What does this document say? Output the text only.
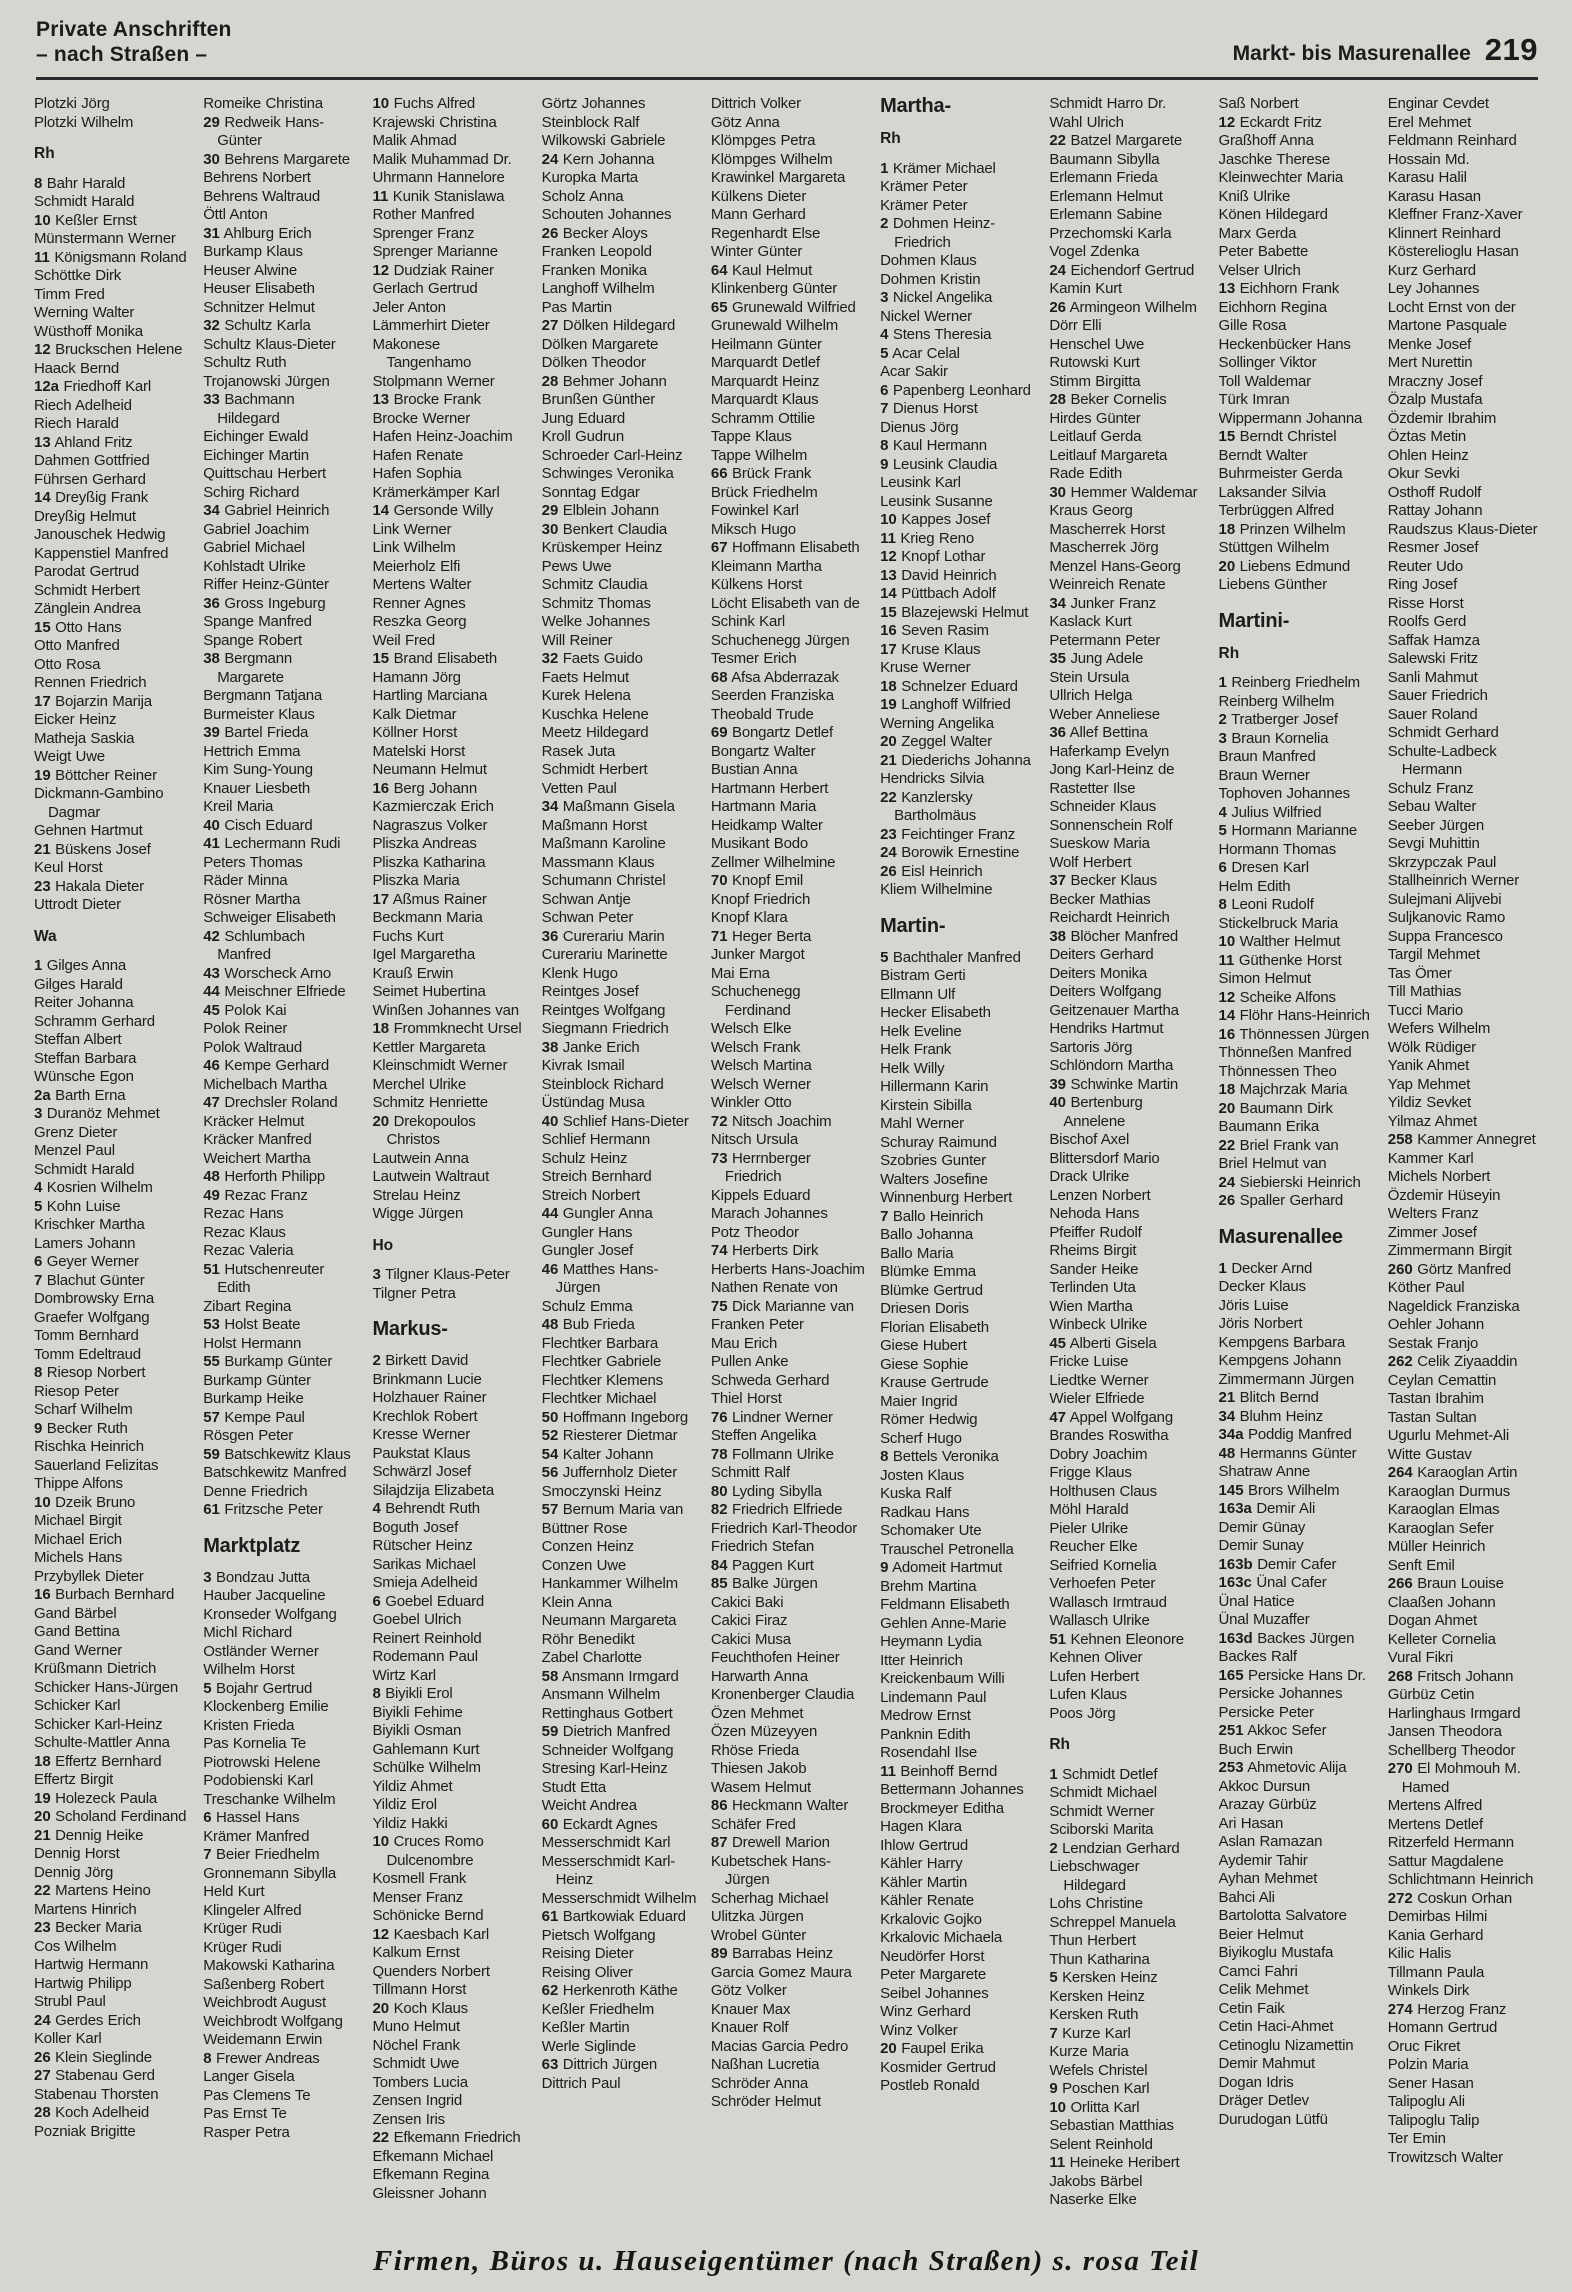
Private Anschriften
– nach Straßen –	Markt- bis Masurenallee 219
Plotzki Jörg
Plotzki Wilhelm
Rh
8 Bahr Harald
Schmidt Harald
10 Keßler Ernst
Münstermann Werner
11 Königsmann Roland
Schöttke Dirk
Timm Fred
Werning Walter
Wüsthoff Monika
12 Bruckschen Helene
Haack Bernd
12a Friedhoff Karl
Riech Adelheid
Riech Harald
13 Ahland Fritz
Dahmen Gottfried
Führsen Gerhard
14 Dreyßig Frank
Dreyßig Helmut
Janouschek Hedwig
Kappenstiel Manfred
Parodat Gertrud
Schmidt Herbert
Zänglein Andrea
15 Otto Hans
Otto Manfred
Otto Rosa
Rennen Friedrich
17 Bojarzin Marija
Eicker Heinz
Matheja Saskia
Weigt Uwe
19 Böttcher Reiner
Dickmann-Gambino Dagmar
Gehnen Hartmut
21 Büskens Josef
Keul Horst
23 Hakala Dieter
Uttrodt Dieter
Wa
1 Gilges Anna
Gilges Harald
Reiter Johanna
Schramm Gerhard
Steffan Albert
Steffan Barbara
Wünsche Egon
2a Barth Erna
3 Duranöz Mehmet
Grenz Dieter
Menzel Paul
Schmidt Harald
4 Kosrien Wilhelm
5 Kohn Luise
Krischker Martha
Lamers Johann
6 Geyer Werner
7 Blachut Günter
Dombrowsky Erna
Graefer Wolfgang
Tomm Bernhard
Tomm Edeltraud
8 Riesop Norbert
Riesop Peter
Scharf Wilhelm
9 Becker Ruth
Rischka Heinrich
Sauerland Felizitas
Thippe Alfons
10 Dzeik Bruno
Michael Birgit
Michael Erich
Michels Hans
Przybyllek Dieter
16 Burbach Bernhard
Gand Bärbel
Gand Bettina
Gand Werner
Krüßmann Dietrich
Schicker Hans-Jürgen
Schicker Karl
Schicker Karl-Heinz
Schulte-Mattler Anna
18 Effertz Bernhard
Effertz Birgit
19 Holezeck Paula
20 Scholand Ferdinand
21 Dennig Heike
Dennig Horst
Dennig Jörg
22 Martens Heino
Martens Hinrich
23 Becker Maria
Cos Wilhelm
Hartwig Hermann
Hartwig Philipp
Strubl Paul
24 Gerdes Erich
Koller Karl
26 Klein Sieglinde
27 Stabenau Gerd
Stabenau Thorsten
28 Koch Adelheid
Pozniak Brigitte
Romeike Christina
29 Redweik Hans-Günter
30 Behrens Margarete
Behrens Norbert
Behrens Waltraud
Öttl Anton
31 Ahlburg Erich
Burkamp Klaus
Heuser Alwine
Heuser Elisabeth
Schnitzer Helmut
32 Schultz Karla
Schultz Klaus-Dieter
Schultz Ruth
Trojanowski Jürgen
33 Bachmann Hildegard
Eichinger Ewald
Eichinger Martin
Quittschau Herbert
Schirg Richard
34 Gabriel Heinrich
Gabriel Joachim
Gabriel Michael
Kohlstadt Ulrike
Riffer Heinz-Günter
36 Gross Ingeburg
Spange Manfred
Spange Robert
38 Bergmann Margarete
Bergmann Tatjana
Burmeister Klaus
39 Bartel Frieda
Hettrich Emma
Kim Sung-Young
Knauer Liesbeth
Kreil Maria
40 Cisch Eduard
41 Lechermann Rudi
Peters Thomas
Räder Minna
Rösner Martha
Schweiger Elisabeth
42 Schlumbach Manfred
43 Worscheck Arno
44 Meischner Elfriede
45 Polok Kai
Polok Reiner
Polok Waltraud
46 Kempe Gerhard
Michelbach Martha
47 Drechsler Roland
Kräcker Helmut
Kräcker Manfred
Weichert Martha
48 Herforth Philipp
49 Rezac Franz
Rezac Hans
Rezac Klaus
Rezac Valeria
51 Hutschenreuter Edith
Zibart Regina
53 Holst Beate
Holst Hermann
55 Burkamp Günter
Burkamp Günter
Burkamp Heike
57 Kempe Paul
Rösgen Peter
59 Batschkewitz Klaus
Batschkewitz Manfred
Denne Friedrich
61 Fritzsche Peter
Marktplatz
3 Bondzau Jutta
Hauber Jacqueline
Kronseder Wolfgang
Michl Richard
Ostländer Werner
Wilhelm Horst
5 Bojahr Gertrud
Klockenberg Emilie
Kristen Frieda
Pas Kornelia Te
Piotrowski Helene
Podobienski Karl
Treschanke Wilhelm
6 Hassel Hans
Krämer Manfred
7 Beier Friedhelm
Gronnemann Sibylla
Held Kurt
Klingeler Alfred
Krüger Rudi
Krüger Rudi
Makowski Katharina
Saßenberg Robert
Weichbrodt August
Weichbrodt Wolfgang
Weidemann Erwin
8 Frewer Andreas
Langer Gisela
Pas Clemens Te
Pas Ernst Te
Rasper Petra
10 Fuchs Alfred
Krajewski Christina
Malik Ahmad
Malik Muhammad Dr.
Uhrmann Hannelore
11 Kunik Stanislawa
Rother Manfred
Sprenger Franz
Sprenger Marianne
12 Dudziak Rainer
Gerlach Gertrud
Jeler Anton
Lämmerhirt Dieter
Makonese Tangenhamo
Stolpmann Werner
13 Brocke Frank
Brocke Werner
Hafen Heinz-Joachim
Hafen Renate
Hafen Sophia
Krämerkämper Karl
14 Gersonde Willy
Link Werner
Link Wilhelm
Meierholz Elfi
Mertens Walter
Renner Agnes
Reszka Georg
Weil Fred
15 Brand Elisabeth
Hamann Jörg
Hartling Marciana
Kalk Dietmar
Köllner Horst
Matelski Horst
Neumann Helmut
16 Berg Johann
Kazmierczak Erich
Nagraszus Volker
Pliszka Andreas
Pliszka Katharina
Pliszka Maria
17 Aßmus Rainer
Beckmann Maria
Fuchs Kurt
Igel Margaretha
Krauß Erwin
Seimet Hubertina
Winßen Johannes van
18 Frommknecht Ursel
Kettler Margareta
Kleinschmidt Werner
Merchel Ulrike
Schmitz Henriette
20 Drekopoulos Christos
Lautwein Anna
Lautwein Waltraut
Strelau Heinz
Wigge Jürgen
Ho
3 Tilgner Klaus-Peter
Tilgner Petra
Markus-
2 Birkett David
Brinkmann Lucie
Holzhauer Rainer
Krechlok Robert
Kresse Werner
Paukstat Klaus
Schwärzl Josef
Silajdzija Elizabeta
4 Behrendt Ruth
Boguth Josef
Rütscher Heinz
Sarikas Michael
Smieja Adelheid
6 Goebel Eduard
Goebel Ulrich
Reinert Reinhold
Rodemann Paul
Wirtz Karl
8 Biyikli Erol
Biyikli Fehime
Biyikli Osman
Gahlemann Kurt
Schülke Wilhelm
Yildiz Ahmet
Yildiz Erol
Yildiz Hakki
10 Cruces Romo Dulcenombre
Kosmell Frank
Menser Franz
Schönicke Bernd
12 Kaesbach Karl
Kalkum Ernst
Quenders Norbert
Tillmann Horst
20 Koch Klaus
Muno Helmut
Nöchel Frank
Schmidt Uwe
Tombers Lucia
Zensen Ingrid
Zensen Iris
22 Efkemann Friedrich
Efkemann Michael
Efkemann Regina
Gleissner Johann
Görtz Johannes
Steinblock Ralf
Wilkowski Gabriele
24 Kern Johanna
Kuropka Marta
Scholz Anna
Schouten Johannes
26 Becker Aloys
Franken Leopold
Franken Monika
Langhoff Wilhelm
Pas Martin
27 Dölken Hildegard
Dölken Margarete
Dölken Theodor
28 Behmer Johann
Brunßen Günther
Jung Eduard
Kroll Gudrun
Schroeder Carl-Heinz
Schwinges Veronika
Sonntag Edgar
29 Elblein Johann
30 Benkert Claudia
Krüskemper Heinz
Pews Uwe
Schmitz Claudia
Schmitz Thomas
Welke Johannes
Will Reiner
32 Faets Guido
Faets Helmut
Kurek Helena
Kuschka Helene
Meetz Hildegard
Rasek Juta
Schmidt Herbert
Vetten Paul
34 Maßmann Gisela
Maßmann Horst
Maßmann Karoline
Massmann Klaus
Schumann Christel
Schwan Antje
Schwan Peter
36 Curerariu Marin
Curerariu Marinette
Klenk Hugo
Reintges Josef
Reintges Wolfgang
Siegmann Friedrich
38 Janke Erich
Kivrak Ismail
Steinblock Richard
Üstündag Musa
40 Schlief Hans-Dieter
Schlief Hermann
Schulz Heinz
Streich Bernhard
Streich Norbert
44 Gungler Anna
Gungler Hans
Gungler Josef
46 Matthes Hans-Jürgen
Schulz Emma
48 Bub Frieda
Flechtker Barbara
Flechtker Gabriele
Flechtker Klemens
Flechtker Michael
50 Hoffmann Ingeborg
52 Riesterer Dietmar
54 Kalter Johann
56 Juffernholz Dieter
Smoczynski Heinz
57 Bernum Maria van
Büttner Rose
Conzen Heinz
Conzen Uwe
Hankammer Wilhelm
Klein Anna
Neumann Margareta
Röhr Benedikt
Zabel Charlotte
58 Ansmann Irmgard
Ansmann Wilhelm
Rettinghaus Gotbert
59 Dietrich Manfred
Schneider Wolfgang
Stresing Karl-Heinz
Studt Etta
Weicht Andrea
60 Eckardt Agnes
Messerschmidt Karl
Messerschmidt Karl-Heinz
Messerschmidt Wilhelm
61 Bartkowiak Eduard
Pietsch Wolfgang
Reising Dieter
Reising Oliver
62 Herkenroth Käthe
Keßler Friedhelm
Keßler Martin
Werle Siglinde
63 Dittrich Jürgen
Dittrich Paul
Dittrich Volker
Götz Anna
Klömpges Petra
Klömpges Wilhelm
Krawinkel Margareta
Külkens Dieter
Mann Gerhard
Regenhardt Else
Winter Günter
64 Kaul Helmut
Klinkenberg Günter
65 Grunewald Wilfried
Grunewald Wilhelm
Heilmann Günter
Marquardt Detlef
Marquardt Heinz
Marquardt Klaus
Schramm Ottilie
Tappe Klaus
Tappe Wilhelm
66 Brück Frank
Brück Friedhelm
Fowinkel Karl
Miksch Hugo
67 Hoffmann Elisabeth
Kleimann Martha
Külkens Horst
Löcht Elisabeth van de
Schink Karl
Schuchenegg Jürgen
Tesmer Erich
68 Afsa Abderrazak
Seerden Franziska
Theobald Trude
69 Bongartz Detlef
Bongartz Walter
Bustian Anna
Hartmann Herbert
Hartmann Maria
Heidkamp Walter
Musikant Bodo
Zellmer Wilhelmine
70 Knopf Emil
Knopf Friedrich
Knopf Klara
71 Heger Berta
Junker Margot
Mai Erna
Schuchenegg Ferdinand
Welsch Elke
Welsch Frank
Welsch Martina
Welsch Werner
Winkler Otto
72 Nitsch Joachim
Nitsch Ursula
73 Herrnberger Friedrich
Kippels Eduard
Marach Johannes
Potz Theodor
74 Herberts Dirk
Herberts Hans-Joachim
Nathen Renate von
75 Dick Marianne van
Franken Peter
Mau Erich
Pullen Anke
Schweda Gerhard
Thiel Horst
76 Lindner Werner
Steffen Angelika
78 Follmann Ulrike
Schmitt Ralf
80 Lyding Sibylla
82 Friedrich Elfriede
Friedrich Karl-Theodor
Friedrich Stefan
84 Paggen Kurt
85 Balke Jürgen
Cakici Baki
Cakici Firaz
Cakici Musa
Feuchthofen Heiner
Harwarth Anna
Kronenberger Claudia
Özen Mehmet
Özen Müzeyyen
Rhöse Frieda
Thiesen Jakob
Wasem Helmut
86 Heckmann Walter
Schäfer Fred
87 Drewell Marion
Kubetschek Hans-Jürgen
Scherhag Michael
Ulitzka Jürgen
Wrobel Günter
89 Barrabas Heinz
Garcia Gomez Maura
Götz Volker
Knauer Max
Knauer Rolf
Macias Garcia Pedro
Naßhan Lucretia
Schröder Anna
Schröder Helmut
Martha-
Rh
1 Krämer Michael
Krämer Peter
Krämer Peter
2 Dohmen Heinz-Friedrich
Dohmen Klaus
Dohmen Kristin
3 Nickel Angelika
Nickel Werner
4 Stens Theresia
5 Acar Celal
Acar Sakir
6 Papenberg Leonhard
7 Dienus Horst
Dienus Jörg
8 Kaul Hermann
9 Leusink Claudia
Leusink Karl
Leusink Susanne
10 Kappes Josef
11 Krieg Reno
12 Knopf Lothar
13 David Heinrich
14 Püttbach Adolf
15 Blazejewski Helmut
16 Seven Rasim
17 Kruse Klaus
Kruse Werner
18 Schnelzer Eduard
19 Langhoff Wilfried
Werning Angelika
20 Zeggel Walter
21 Diederichs Johanna
Hendricks Silvia
22 Kanzlersky Bartholmäus
23 Feichtinger Franz
24 Borowik Ernestine
26 Eisl Heinrich
Kliem Wilhelmine
Martin-
5 Bachthaler Manfred
Bistram Gerti
Ellmann Ulf
Hecker Elisabeth
Helk Eveline
Helk Frank
Helk Willy
Hillermann Karin
Kirstein Sibilla
Mahl Werner
Schuray Raimund
Szobries Gunter
Walters Josefine
Winnenburg Herbert
7 Ballo Heinrich
Ballo Johanna
Ballo Maria
Blümke Emma
Blümke Gertrud
Driesen Doris
Florian Elisabeth
Giese Hubert
Giese Sophie
Krause Gertrude
Maier Ingrid
Römer Hedwig
Scherf Hugo
8 Bettels Veronika
Josten Klaus
Kuska Ralf
Radkau Hans
Schomaker Ute
Trauschel Petronella
9 Adomeit Hartmut
Brehm Martina
Feldmann Elisabeth
Gehlen Anne-Marie
Heymann Lydia
Itter Heinrich
Kreickenbaum Willi
Lindemann Paul
Medrow Ernst
Panknin Edith
Rosendahl Ilse
11 Beinhoff Bernd
Bettermann Johannes
Brockmeyer Editha
Hagen Klara
Ihlow Gertrud
Kähler Harry
Kähler Martin
Kähler Renate
Krkalovic Gojko
Krkalovic Michaela
Neudörfer Horst
Peter Margarete
Seibel Johannes
Winz Gerhard
Winz Volker
20 Faupel Erika
Kosmider Gertrud
Postleb Ronald
Schmidt Harro Dr.
Wahl Ulrich
22 Batzel Margarete
Baumann Sibylla
Erlemann Frieda
Erlemann Helmut
Erlemann Sabine
Przechomski Karla
Vogel Zdenka
24 Eichendorf Gertrud
Kamin Kurt
26 Armingeon Wilhelm
Dörr Elli
Henschel Uwe
Rutowski Kurt
Stimm Birgitta
28 Beker Cornelis
Hirdes Günter
Leitlauf Gerda
Leitlauf Margareta
Rade Edith
30 Hemmer Waldemar
Kraus Georg
Mascherrek Horst
Mascherrek Jörg
Menzel Hans-Georg
Weinreich Renate
34 Junker Franz
Kaslack Kurt
Petermann Peter
35 Jung Adele
Stein Ursula
Ullrich Helga
Weber Anneliese
36 Allef Bettina
Haferkamp Evelyn
Jong Karl-Heinz de
Rastetter Ilse
Schneider Klaus
Sonnenschein Rolf
Sueskow Maria
Wolf Herbert
37 Becker Klaus
Becker Mathias
Reichardt Heinrich
38 Blöcher Manfred
Deiters Gerhard
Deiters Monika
Deiters Wolfgang
Geitzenauer Martha
Hendriks Hartmut
Sartoris Jörg
Schlöndorn Martha
39 Schwinke Martin
40 Bertenburg Annelene
Bischof Axel
Blittersdorf Mario
Drack Ulrike
Lenzen Norbert
Nehoda Hans
Pfeiffer Rudolf
Rheims Birgit
Sander Heike
Terlinden Uta
Wien Martha
Winbeck Ulrike
45 Alberti Gisela
Fricke Luise
Liedtke Werner
Wieler Elfriede
47 Appel Wolfgang
Brandes Roswitha
Dobry Joachim
Frigge Klaus
Holthusen Claus
Möhl Harald
Pieler Ulrike
Reucher Elke
Seifried Kornelia
Verhoefen Peter
Wallasch Irmtraud
Wallasch Ulrike
51 Kehnen Eleonore
Kehnen Oliver
Lufen Herbert
Lufen Klaus
Poos Jörg
Rh
1 Schmidt Detlef
Schmidt Michael
Schmidt Werner
Sciborski Marita
2 Lendzian Gerhard
Liebschwager Hildegard
Lohs Christine
Schreppel Manuela
Thun Herbert
Thun Katharina
5 Kersken Heinz
Kersken Heinz
Kersken Ruth
7 Kurze Karl
Kurze Maria
Wefels Christel
9 Poschen Karl
10 Orlitta Karl
Sebastian Matthias
Selent Reinhold
11 Heineke Heribert
Jakobs Bärbel
Naserke Elke
Saß Norbert
12 Eckardt Fritz
Graßhoff Anna
Jaschke Therese
Kleinwechter Maria
Kniß Ulrike
Könen Hildegard
Marx Gerda
Peter Babette
Velser Ulrich
13 Eichhorn Frank
Eichhorn Regina
Gille Rosa
Heckenbücker Hans
Sollinger Viktor
Toll Waldemar
Türk Imran
Wippermann Johanna
15 Berndt Christel
Berndt Walter
Buhrmeister Gerda
Laksander Silvia
Terbrüggen Alfred
18 Prinzen Wilhelm
Stüttgen Wilhelm
20 Liebens Edmund
Liebens Günther
Martini-
Rh
1 Reinberg Friedhelm
Reinberg Wilhelm
2 Tratberger Josef
3 Braun Kornelia
Braun Manfred
Braun Werner
Tophoven Johannes
4 Julius Wilfried
5 Hormann Marianne
Hormann Thomas
6 Dresen Karl
Helm Edith
8 Leoni Rudolf
Stickelbruck Maria
10 Walther Helmut
11 Güthenke Horst
Simon Helmut
12 Scheike Alfons
14 Flöhr Hans-Heinrich
16 Thönnessen Jürgen
Thönneßen Manfred
Thönnessen Theo
18 Majchrzak Maria
20 Baumann Dirk
Baumann Erika
22 Briel Frank van
Briel Helmut van
24 Siebierski Heinrich
26 Spaller Gerhard
Masurenallee
1 Decker Arnd
Decker Klaus
Jöris Luise
Jöris Norbert
Kempgens Barbara
Kempgens Johann
Zimmermann Jürgen
21 Blitch Bernd
34 Bluhm Heinz
34a Poddig Manfred
48 Hermanns Günter
Shatraw Anne
145 Brors Wilhelm
163a Demir Ali
Demir Günay
Demir Sunay
163b Demir Cafer
163c Ünal Cafer
Ünal Hatice
Ünal Muzaffer
163d Backes Jürgen
Backes Ralf
165 Persicke Hans Dr.
Persicke Johannes
Persicke Peter
251 Akkoc Sefer
Buch Erwin
253 Ahmetovic Alija
Akkoc Dursun
Arazay Gürbüz
Ari Hasan
Aslan Ramazan
Aydemir Tahir
Ayhan Mehmet
Bahci Ali
Bartolotta Salvatore
Beier Helmut
Biyikoglu Mustafa
Camci Fahri
Celik Mehmet
Cetin Faik
Cetin Haci-Ahmet
Cetinoglu Nizamettin
Demir Mahmut
Dogan Idris
Dräger Detlev
Durudogan Lütfü
Enginar Cevdet
Erel Mehmet
Feldmann Reinhard
Hossain Md.
Karasu Halil
Karasu Hasan
Kleffner Franz-Xaver
Klinnert Reinhard
Kösterelioglu Hasan
Kurz Gerhard
Ley Johannes
Locht Ernst von der
Martone Pasquale
Menke Josef
Mert Nurettin
Mraczny Josef
Özalp Mustafa
Özdemir Ibrahim
Öztas Metin
Ohlen Heinz
Okur Sevki
Osthoff Rudolf
Rattay Johann
Raudszus Klaus-Dieter
Resmer Josef
Reuter Udo
Ring Josef
Risse Horst
Roolfs Gerd
Saffak Hamza
Salewski Fritz
Sanli Mahmut
Sauer Friedrich
Sauer Roland
Schmidt Gerhard
Schulte-Ladbeck Hermann
Schulz Franz
Sebau Walter
Seeber Jürgen
Sevgi Muhittin
Skrzypczak Paul
Stallheinrich Werner
Sulejmani Alijvebi
Suljkanovic Ramo
Suppa Francesco
Targil Mehmet
Tas Ömer
Till Mathias
Tucci Mario
Wefers Wilhelm
Wölk Rüdiger
Yanik Ahmet
Yap Mehmet
Yildiz Sevket
Yilmaz Ahmet
258 Kammer Annegret
Kammer Karl
Michels Norbert
Özdemir Hüseyin
Welters Franz
Zimmer Josef
Zimmermann Birgit
260 Görtz Manfred
Köther Paul
Nageldick Franziska
Oehler Johann
Sestak Franjo
262 Celik Ziyaaddin
Ceylan Cemattin
Tastan Ibrahim
Tastan Sultan
Ugurlu Mehmet-Ali
Witte Gustav
264 Karaoglan Artin
Karaoglan Durmus
Karaoglan Elmas
Karaoglan Sefer
Müller Heinrich
Senft Emil
266 Braun Louise
Claaßen Johann
Dogan Ahmet
Kelleter Cornelia
Vural Fikri
268 Fritsch Johann
Gürbüz Cetin
Harlinghaus Irmgard
Jansen Theodora
Schellberg Theodor
270 El Mohmouh M. Hamed
Mertens Alfred
Mertens Detlef
Ritzerfeld Hermann
Sattur Magdalene
Schlichtmann Heinrich
272 Coskun Orhan
Demirbas Hilmi
Kania Gerhard
Kilic Halis
Tillmann Paula
Winkels Dirk
274 Herzog Franz
Homann Gertrud
Oruc Fikret
Polzin Maria
Sener Hasan
Talipoglu Ali
Talipoglu Talip
Ter Emin
Trowitzsch Walter
Firmen, Büros u. Hauseigentümer (nach Straßen) s. rosa Teil
